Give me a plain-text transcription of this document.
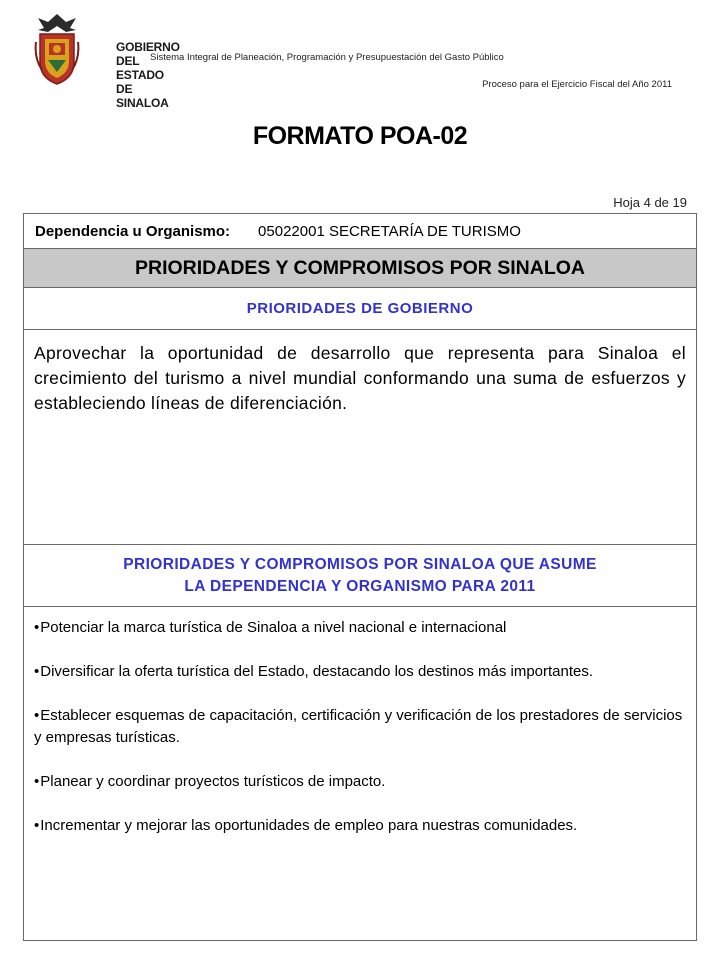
GOBIERNO
DEL ESTADO
DE SINALOA
Sistema Integral de Planeación, Programación y Presupuestación del Gasto Público
Proceso para el Ejercicio Fiscal del Año 2011
FORMATO POA-02
Hoja 4 de 19
Dependencia u Organismo: 05022001 SECRETARÍA DE TURISMO
PRIORIDADES Y COMPROMISOS POR SINALOA
PRIORIDADES DE GOBIERNO
Aprovechar la oportunidad de desarrollo que representa para Sinaloa el crecimiento del turismo a nivel mundial conformando una suma de esfuerzos y estableciendo líneas de diferenciación.
PRIORIDADES Y COMPROMISOS POR SINALOA QUE ASUME
LA DEPENDENCIA Y ORGANISMO PARA 2011
•Potenciar la marca turística de Sinaloa a nivel nacional e internacional
•Diversificar la oferta turística del Estado, destacando los destinos más importantes.
•Establecer esquemas de capacitación, certificación y verificación de los prestadores de servicios y empresas turísticas.
•Planear y coordinar proyectos turísticos de impacto.
•Incrementar y mejorar las oportunidades de empleo para nuestras comunidades.
